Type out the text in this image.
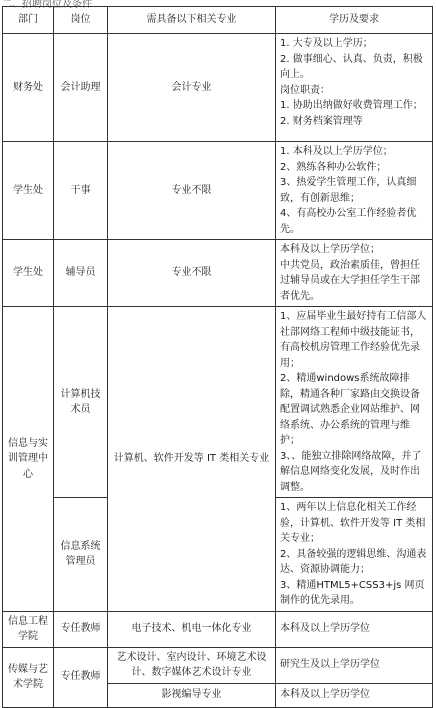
二、招聘岗位及条件
部门	岗位	需具备以下相关专业	学历及要求
财务处	会计助理	会计专业	1. 大专及以上学历；
2. 做事细心、认真、负责，积极向上。
岗位职责：
1. 协助出纳做好收费管理工作；
2. 财务档案管理等

学生处	干事	专业不限	1. 本科及以上学历学位；
2、熟练各种办公软件；
3、热爱学生管理工作，认真细致，有创新思维；
4、有高校办公室工作经验者优先。

学生处	辅导员	专业不限	本科及以上学历学位；
中共党员，政治素质佳，曾担任过辅导员或在大学担任学生干部者优先。

信息与实训管理中心	计算机技术员	计算机、软件开发等 IT 类相关专业	1、应届毕业生最好持有工信部人社部网络工程师中级技能证书，有高校机房管理工作经验优先录用；
2、精通windows系统故障排除，精通各种厂家路由交换设备配置调试熟悉企业网站维护、网络系统、办公系统的管理与维护；
3、、能独立排除网络故障，并了解信息网络变化发展，及时作出调整。

	信息系统管理员		1、两年以上信息化相关工作经验，计算机、软件开发等 IT 类相关专业；
2、具备较强的逻辑思维、沟通表达、资源协调能力；
3、精通HTML5+CSS3+js 网页制作的优先录用。

信息工程学院	专任教师	电子技术、机电一体化专业	本科及以上学历学位
传媒与艺术学院	专任教师	艺术设计、室内设计、环境艺术设计、数字媒体艺术设计专业	研究生及以上学历学位
		影视编导专业	本科及以上学历学位
